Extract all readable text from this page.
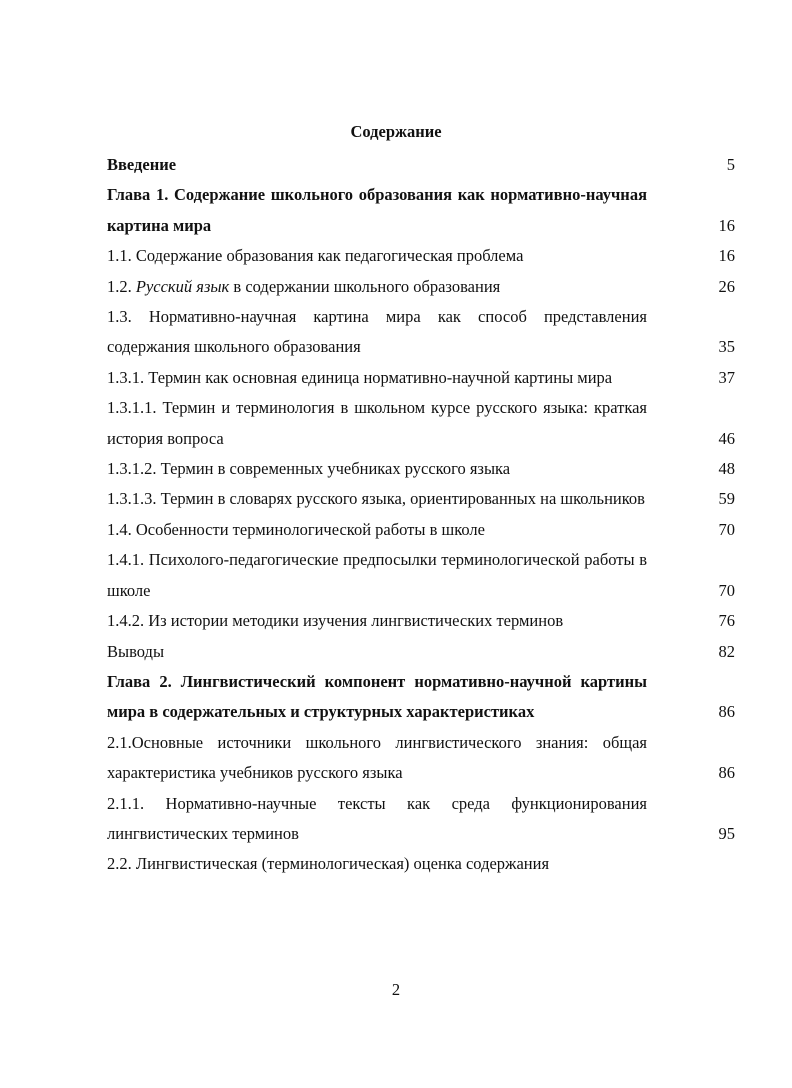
Содержание
Введение	5
Глава 1. Содержание школьного образования как нормативно-научная картина мира	16
1.1. Содержание образования как педагогическая проблема	16
1.2. Русский язык в содержании школьного образования	26
1.3. Нормативно-научная картина мира как способ представления содержания школьного образования	35
1.3.1. Термин как основная единица нормативно-научной картины мира	37
1.3.1.1. Термин и терминология в школьном курсе русского языка: краткая история вопроса	46
1.3.1.2. Термин в современных учебниках русского языка	48
1.3.1.3. Термин в словарях русского языка, ориентированных на школьников	59
1.4. Особенности терминологической работы в школе	70
1.4.1. Психолого-педагогические предпосылки терминологической работы в школе	70
1.4.2. Из истории методики изучения лингвистических терминов	76
Выводы	82
Глава 2. Лингвистический компонент нормативно-научной картины мира в содержательных и структурных характеристиках	86
2.1.Основные источники школьного лингвистического знания: общая характеристика учебников русского языка	86
2.1.1. Нормативно-научные тексты как среда функционирования лингвистических терминов	95
2.2. Лингвистическая (терминологическая) оценка содержания
2
